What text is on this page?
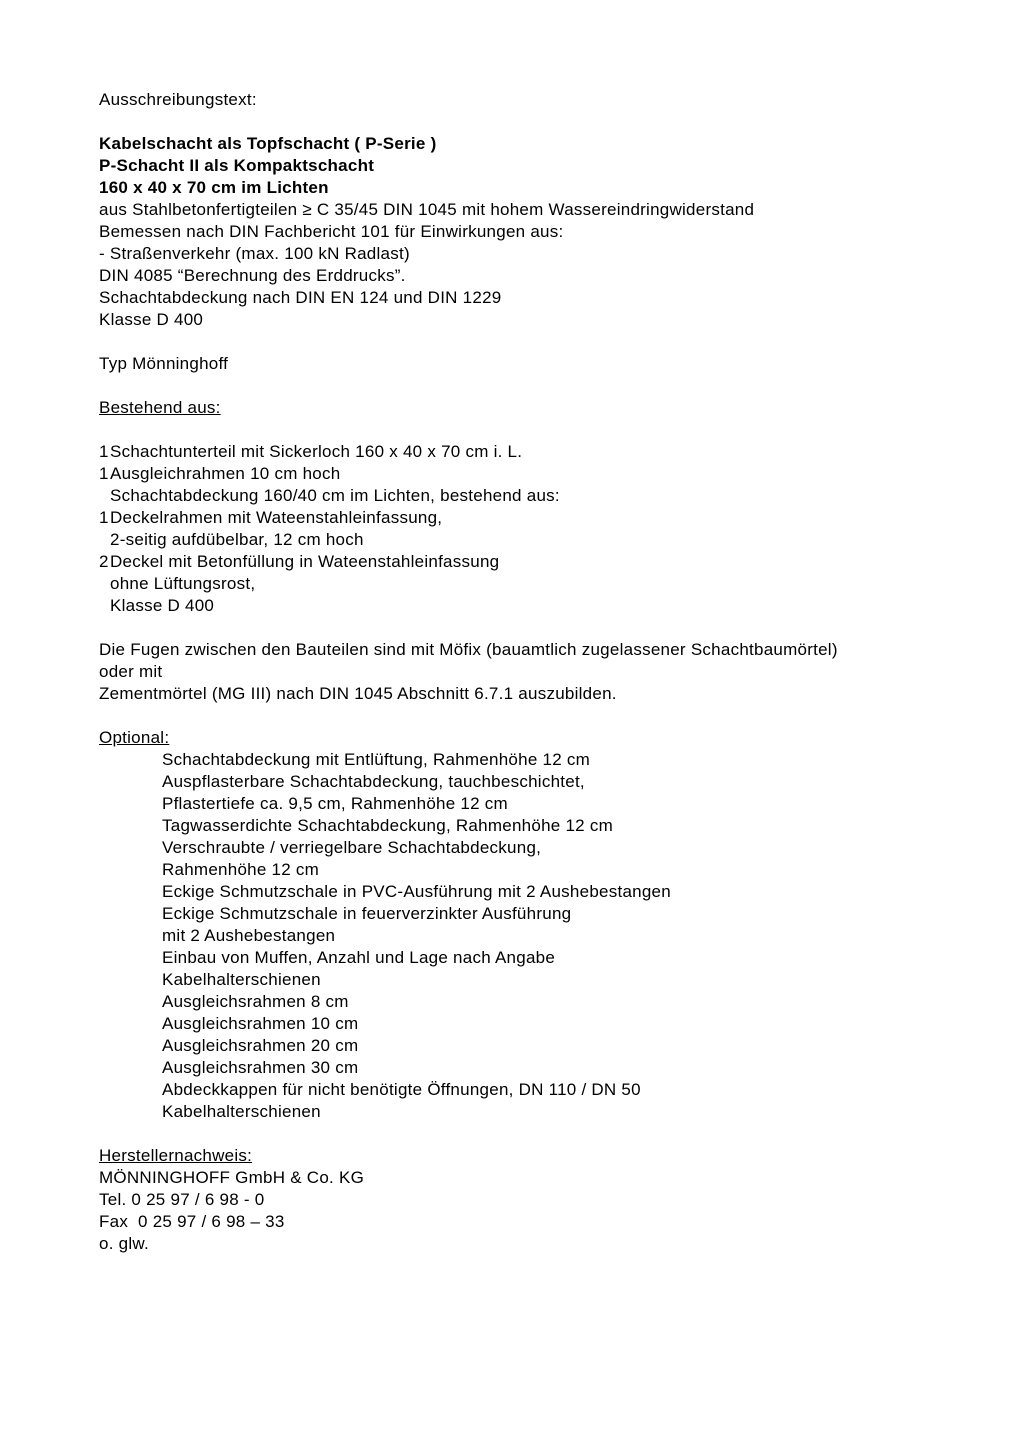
Ausschreibungstext:
Kabelschacht als Topfschacht ( P-Serie )
P-Schacht II als Kompaktschacht
160 x 40 x 70 cm im Lichten
aus Stahlbetonfertigteilen ≥ C 35/45 DIN 1045 mit hohem Wassereindringwiderstand
Bemessen nach DIN Fachbericht 101 für Einwirkungen aus:
- Straßenverkehr (max. 100 kN Radlast)
DIN 4085 “Berechnung des Erddrucks”.
Schachtabdeckung nach DIN EN 124 und DIN 1229
Klasse D 400
Typ Mönninghoff
Bestehend aus:
1Schachtunterteil mit Sickerloch 160 x 40 x 70 cm i. L.
1Ausgleichrahmen 10 cm hoch
Schachtabdeckung 160/40 cm im Lichten, bestehend aus:
1Deckelrahmen mit Wateenstahleinfassung,
2-seitig aufdübelbar, 12 cm hoch
2Deckel mit Betonfüllung in Wateenstahleinfassung
ohne Lüftungsrost,
Klasse D 400
Die Fugen zwischen den Bauteilen sind mit Möfix (bauamtlich zugelassener Schachtbaumörtel)
oder mit
Zementmörtel (MG III) nach DIN 1045 Abschnitt 6.7.1 auszubilden.
Optional:
Schachtabdeckung mit Entlüftung, Rahmenhöhe 12 cm
Auspflasterbare Schachtabdeckung, tauchbeschichtet,
Pflastertiefe ca. 9,5 cm, Rahmenhöhe 12 cm
Tagwasserdichte Schachtabdeckung, Rahmenhöhe 12 cm
Verschraubte / verriegelbare Schachtabdeckung,
Rahmenhöhe 12 cm
Eckige Schmutzschale in PVC-Ausführung mit 2 Aushebestangen
Eckige Schmutzschale in feuerverzinkter Ausführung
mit 2 Aushebestangen
Einbau von Muffen, Anzahl und Lage nach Angabe
Kabelhalterschienen
Ausgleichsrahmen 8 cm
Ausgleichsrahmen 10 cm
Ausgleichsrahmen 20 cm
Ausgleichsrahmen 30 cm
Abdeckkappen für nicht benötigte Öffnungen, DN 110 / DN 50
Kabelhalterschienen
Herstellernachweis:
MÖNNINGHOFF GmbH & Co. KG
Tel. 0 25 97 / 6 98 - 0
Fax  0 25 97 / 6 98 – 33
o. glw.
